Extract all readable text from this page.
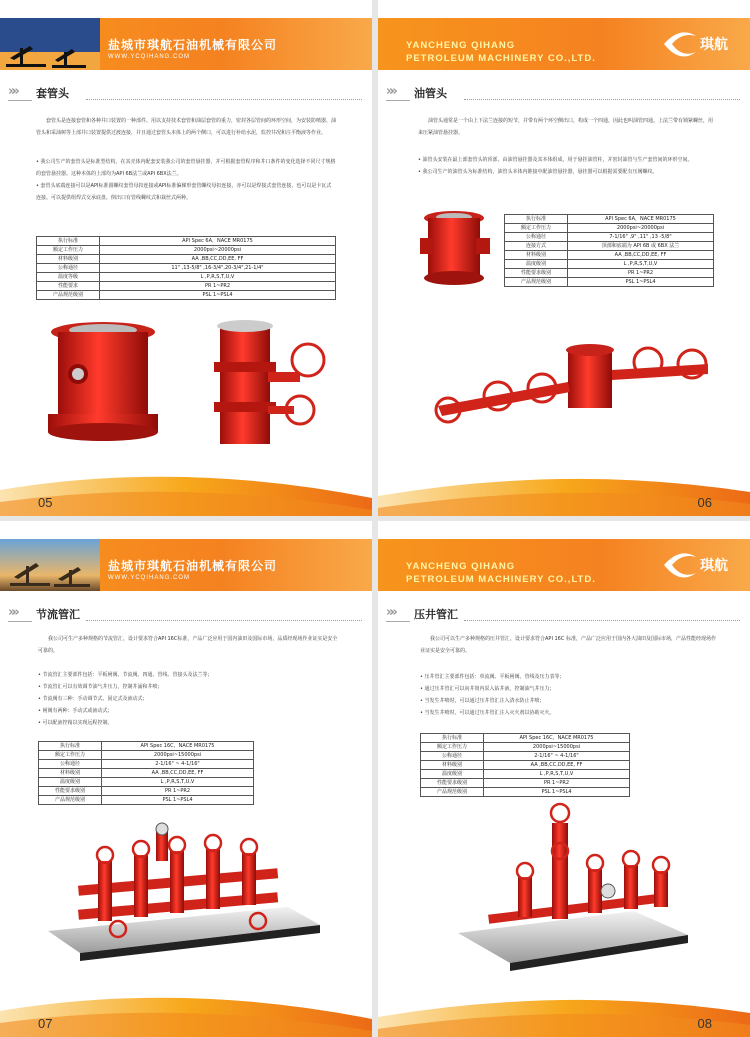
盐城市琪航石油机械有限公司
WWW.YCQIHANG.COM
»» 套管头

套管头是连接套管和各种井口装置的一种部件。用以支持技术套管和油层套管的重力，密封各层管间的环形空间，为安装防喷器、油管头和采油树等上部井口装置提供过渡连接，并且通过套管头本体上的两个侧口，可以进行补给水泥，监控井况和注平衡液等作业。

• 我公司生产的套管头是标准型结构，在其壳体内配套安装我公司的套管悬挂器，并可根据套管程序和井口条件的变化选择不同尺寸规格的套管悬挂器。这种本体的上部均为API 6B法兰或API 6BX法兰。
• 套管头底端连接可以是API标准圆螺纹套管母扣连接或API标准偏梯形套管螺纹母扣连接，亦可以是焊接式套管连接，也可以是卡瓦式连接。可以提供组焊式交承底盘，倒出口有管线螺纹式和栽丝式两种。
执行标准	API Spec 6A，NACE MR0175
额定工作压力	2000psi~20000psi
材料级别	AA ,BB,CC,DD,EE, FF
公称通径	11" ,13-5/8" ,16-3/4",20-3/4",21-1/4"
温度等级	L ,P,R,S,T,U,V
性能要求	PR 1~PR2
产品规范级别	PSL 1~PSL4
05
YANCHENG QIHANG
PETROLEUM MACHINERY CO.,LTD.
琪航
»» 油管头

油管头通常是一个由上下法兰连接的短节，并带有两个环空侧出口，构成一个四通，因此也叫油管四通。上法兰带有锁紧螺丝，用来压紧油管悬挂器。

• 油管头安装在最上部套管头的顶部，由油管悬挂器及其本体组成，用于悬挂油管柱，并密封油管与生产套管间的环形空间。
• 我公司生产的油管头为标准结构，油管头本体内锥接中配油管悬挂器，悬挂器可以根据需要配有压阀螺纹。
执行标准	API Spec 6A，NACE MR0175
额定工作压力	2000psi~20000psi
公称通径	7-1/16" ,9" ,11" ,13 -5/8"
连接方式	顶部和底端为 API 6B 或 6BX 法兰
材料级别	AA ,BB,CC,DD,EE, FF
温度级别	L ,P,R,S,T,U,V
性能要求级别	PR 1~PR2
产品规范级别	PSL 1~PSL4
06
盐城市琪航石油机械有限公司
WWW.YCQIHANG.COM
»» 节流管汇

我公司可生产多种规格的节流管汇，设计要求符合API 16C标准，产品广泛应用于国内油田及国际市场，品质经现场作业证实是安全可靠的。

• 节流管汇主要部件包括：平板闸阀、节流阀、四通、管线、管接头及法兰等；
• 节流管汇可以有效调节油气井压力，控制井涌和井喷；
• 节流阀有三种：手动调节式、固定式及液动式；
• 闸阀有两种：手动式或液动式；
• 可以配液控箱以实现远程控制。
执行标准	API Spec 16C，NACE MR0175
额定工作压力	2000psi~15000psi
公称通径	2-1/16" ~ 4-1/16"
材料级别	AA ,BB,CC,DD,EE, FF
温度级别	L ,P,R,S,T,U,V
性能要求级别	PR 1~PR2
产品规范级别	PSL 1~PSL4
07
YANCHENG QIHANG
PETROLEUM MACHINERY CO.,LTD.
琪航
»» 压井管汇

我公司可以生产多种规格的压井管汇，设计要求符合API 16C 标准，产品广泛应用于国内各大油田及国际市场，产品性能经现场作业证实是安全可靠的。

• 压井管汇主要部件包括：单流阀、平板闸阀、管线及压力表等；
• 通过压井管汇可以向井筒内泵入钻井液，控制油气井压力；
• 当发生井喷时，可以通过压井管汇注入清水防止井喷；
• 当发生井喷时，可以通过压井管汇注入灭火剂以协助灭火。
执行标准	API Spec 16C，NACE MR0175
额定工作压力	2000psi~15000psi
公称通径	2-1/16" ~ 4-1/16"
材料级别	AA ,BB,CC,DD,EE, FF
温度级别	L ,P,R,S,T,U,V
性能要求级别	PR 1~PR2
产品规范级别	PSL 1~PSL4
08
